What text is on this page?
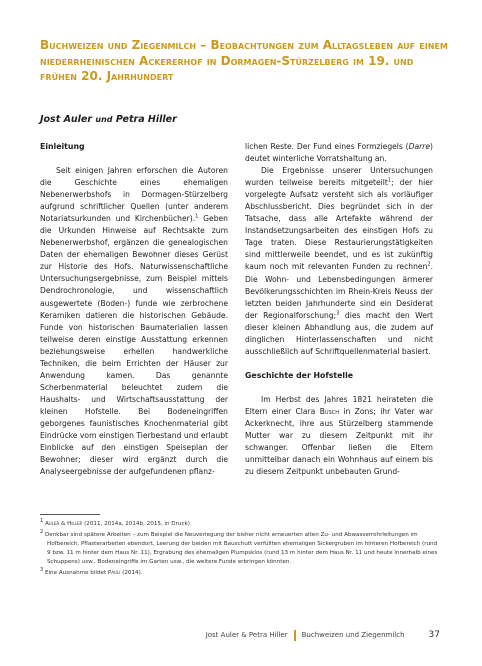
Buchweizen und Ziegenmilch – Beobachtungen zum Alltagsleben auf einem niederrheinischen Ackererhof in Dormagen-Stürzelberg im 19. und frühen 20. Jahrhundert
Jost Auler und Petra Hiller
Einleitung

Seit einigen Jahren erforschen die Autoren die Geschichte eines ehemaligen Nebenerwerbshofs in Dormagen-Stürzelberg aufgrund schriftlicher Quellen (unter anderem Notariatsurkunden und Kirchenbücher).$^1$ Geben die Urkunden Hinweise auf Rechtsakte zum Nebenerwerbshof, ergänzen die genealogischen Daten der ehemaligen Bewohner dieses Gerüst zur Historie des Hofs. Naturwissenschaftliche Untersuchungsergebnisse, zum Beispiel mittels Dendrochronologie, und wissenschaftlich ausgewertete (Boden-) funde wie zerbrochene Keramiken datieren die historischen Gebäude. Funde von historischen Baumaterialien lassen teilweise deren einstige Ausstattung erkennen beziehungsweise erhellen handwerkliche Techniken, die beim Errichten der Häuser zur Anwendung kamen. Das genannte Scherbenmaterial beleuchtet zudem die Haushalts- und Wirtschaftsausstattung der kleinen Hofstelle. Bei Bodeneingriffen geborgenes faunistisches Knochenmaterial gibt Eindrücke vom einstigen Tierbestand und erlaubt Einblicke auf den einstigen Speiseplan der Bewohner; dieser wird ergänzt durch die Analyseergebnisse der aufgefundenen pflanz-

lichen Reste. Der Fund eines Formziegels (Darre) deutet winterliche Vorratshaltung an.

Die Ergebnisse unserer Untersuchungen wurden teilweise bereits mitgeteilt$^1$; der hier vorgelegte Aufsatz versteht sich als vorläufiger Abschlussbericht. Dies begründet sich in der Tatsache, dass alle Artefakte während der Instandsetzungsarbeiten des einstigen Hofs zu Tage traten. Diese Restaurierungstätigkeiten sind mittlerweile beendet, und es ist zukünftig kaum noch mit relevanten Funden zu rechnen$^2$. Die Wohn- und Lebensbedingungen ärmerer Bevölkerungsschichten im Rhein-Kreis Neuss der letzten beiden Jahrhunderte sind ein Desiderat der Regionalforschung;$^3$ dies macht den Wert dieser kleinen Abhandlung aus, die zudem auf dinglichen Hinterlassenschaften und nicht ausschließlich auf Schriftquellenmaterial basiert.

Geschichte der Hofstelle

Im Herbst des Jahres 1821 heirateten die Eltern einer Clara Busch in Zons; ihr Vater war Ackerknecht, ihre aus Stürzelberg stammende Mutter war zu diesem Zeitpunkt mit ihr schwanger. Offenbar ließen die Eltern unmittelbar danach ein Wohnhaus auf einem bis zu diesem Zeitpunkt unbebauten Grund-

$^1$ Auler & Hiller (2011, 2014a, 2014b, 2015, in Druck)

$^2$ Denkbar sind spätere Arbeiten – zum Beispiel die Neuverlegung der bisher nicht erneuerten alten Zu- und Abwasserrohrleitungen im Hofbereich, Pflasterarbeiten ebendort, Leerung der beiden mit Bauschutt verfüllten ehemaligen Sickergruben im hinteren Hofbereich (rund 9 bzw. 11 m hinter dem Haus Nr. 11), Ergrabung des ehemaligen Plumpsklos (rund 13 m hinter dem Haus Nr. 11 und heute innerhalb eines Schuppens) usw., Bodeneingriffe im Garten usw., die weitere Funde erbringen könnten.

$^3$ Eine Ausnahme bildet Pauli (2014).

Jost Auler & Petra Hiller Buchweizen und Ziegenmilch	37
